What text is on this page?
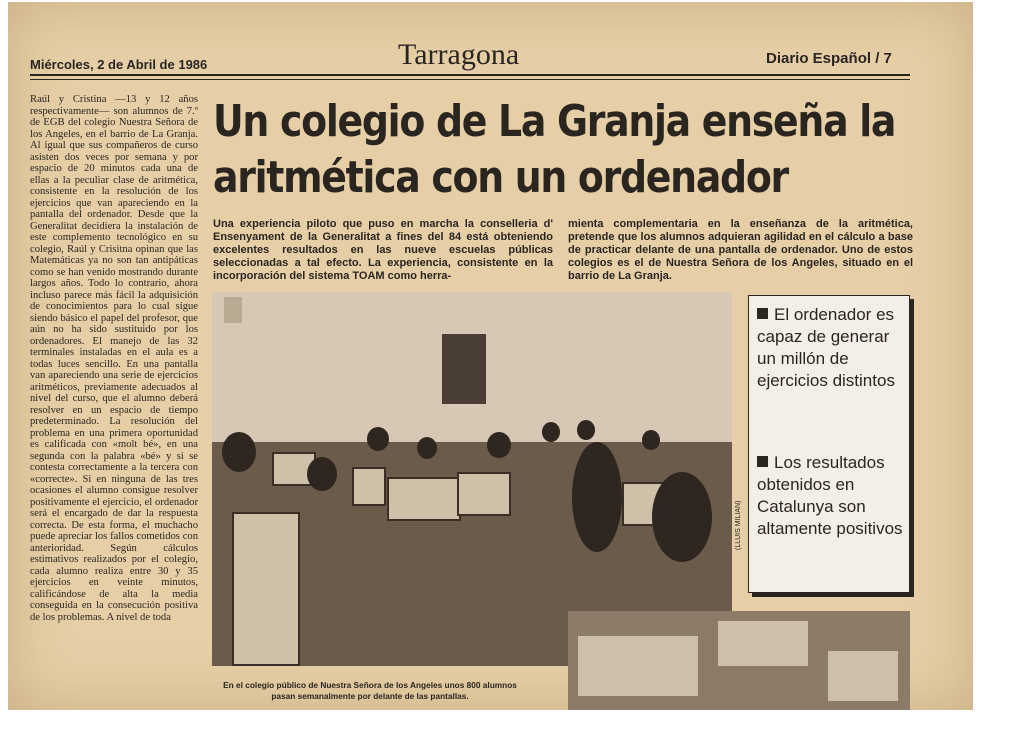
Miércoles, 2 de Abril de 1986	Tarragona	Diario Español / 7
Raúl y Cristina —13 y 12 años respectivamente— son alumnos de 7.º de EGB del colegio Nuestra Señora de los Angeles, en el barrio de La Granja. Al igual que sus compañeros de curso asisten dos veces por semana y por espacio de 20 minutos cada una de ellas a la peculiar clase de aritmética, consistente en la resolución de los ejercicios que van apareciendo en la pantalla del ordenador. Desde que la Generalitat decidiera la instalación de este complemento tecnológico en su colegio, Raúl y Crisitna opinan que las Matemáticas ya no son tan antipáticas como se han venido mostrando durante largos años. Todo lo contrario, ahora incluso parece más fácil la adquisición de conocimientos para lo cual sigue siendo básico el papel del profesor, que aún no ha sido sustituido por los ordenadores. El manejo de las 32 terminales instaladas en el aula es a todas luces sencillo. En una pantalla van apareciendo una serie de ejercicios aritméticos, previamente adecuados al nivel del curso, que el alumno deberá resolver en un espacio de tiempo predeterminado. La resolución del problema en una primera oportunidad es calificada con «molt bé», en una segunda con la palabra «bé» y si se contesta correctamente a la tercera con «correcte». Si en ninguna de las tres ocasiones el alumno consigue resolver positivamente el ejercicio, el ordenador será el encargado de dar la respuesta correcta. De esta forma, el muchacho puede apreciar los fallos cometidos con anterioridad. Según cálculos estimativos realizados por el colegio, cada alumno realiza entre 30 y 35 ejercicios en veinte minutos, calificándose de alta la media conseguida en la consecución positiva de los problemas. A nivel de toda
Un colegio de La Granja enseña la
aritmética con un ordenador
Una experiencia piloto que puso en marcha la conselleria d' Ensenyament de la Generalitat a fines del 84 está obteniendo excelentes resultados en las nueve escuelas públicas seleccionadas a tal efecto. La experiencia, consistente en la incorporación del sistema TOAM como herra-
mienta complementaria en la enseñanza de la aritmética, pretende que los alumnos adquieran agilidad en el cálculo a base de practicar delante de una pantalla de ordenador. Uno de estos colegios es el de Nuestra Señora de los Angeles, situado en el barrio de La Granja.
(LLUIS MILIAN)
El ordenador es capaz de generar un millón de ejercicios distintos
Los resultados obtenidos en Catalunya son altamente positivos
En el colegio público de Nuestra Señora de los Angeles unos 800 alumnos pasan semanalmente por delante de las pantallas.
